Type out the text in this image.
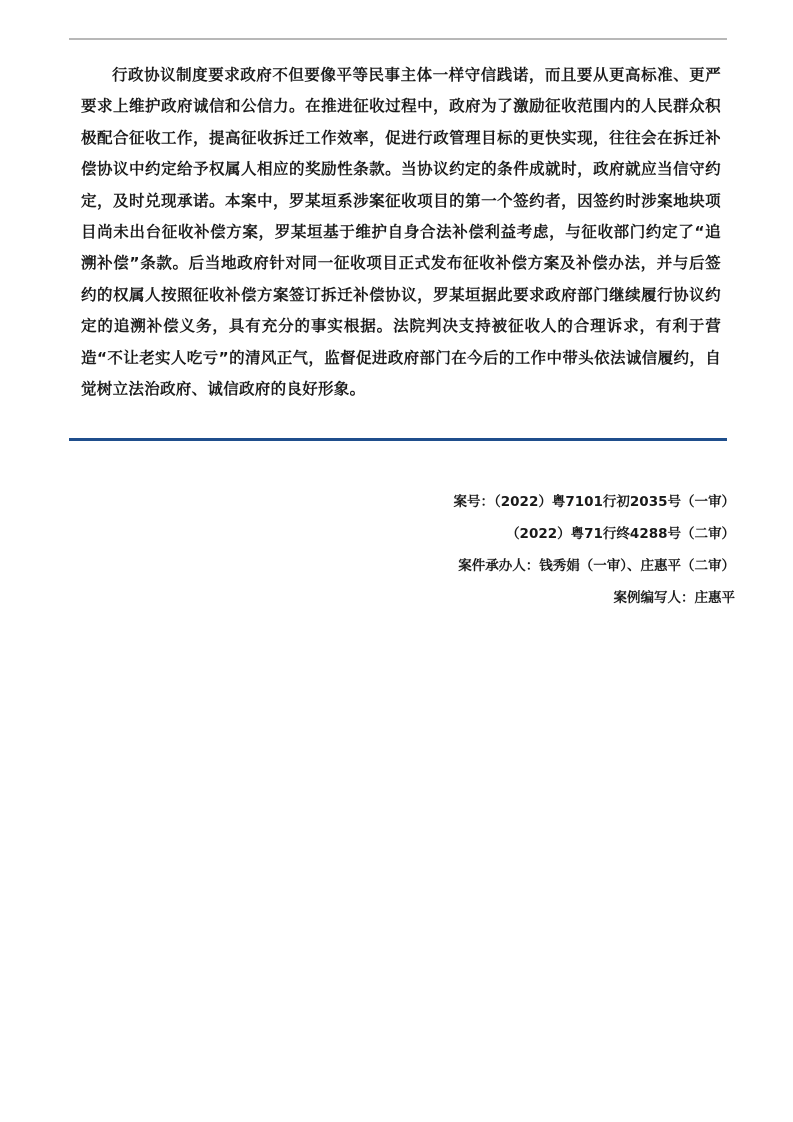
行政协议制度要求政府不但要像平等民事主体一样守信践诺，而且要从更高标准、更严要求上维护政府诚信和公信力。在推进征收过程中，政府为了激励征收范围内的人民群众积极配合征收工作，提高征收拆迁工作效率，促进行政管理目标的更快实现，往往会在拆迁补偿协议中约定给予权属人相应的奖励性条款。当协议约定的条件成就时，政府就应当信守约定，及时兑现承诺。本案中，罗某垣系涉案征收项目的第一个签约者，因签约时涉案地块项目尚未出台征收补偿方案，罗某垣基于维护自身合法补偿利益考虑，与征收部门约定了“追溯补偿”条款。后当地政府针对同一征收项目正式发布征收补偿方案及补偿办法，并与后签约的权属人按照征收补偿方案签订拆迁补偿协议，罗某垣据此要求政府部门继续履行协议约定的追溯补偿义务，具有充分的事实根据。法院判决支持被征收人的合理诉求，有利于营造“不让老实人吃亏”的清风正气，监督促进政府部门在今后的工作中带头依法诚信履约，自觉树立法治政府、诚信政府的良好形象。

案号：（2022）粤7101行初2035号（一审）
（2022）粤71行终4288号（二审）
案件承办人：钱秀娟（一审）、庄惠平（二审）
案例编写人：庄惠平
